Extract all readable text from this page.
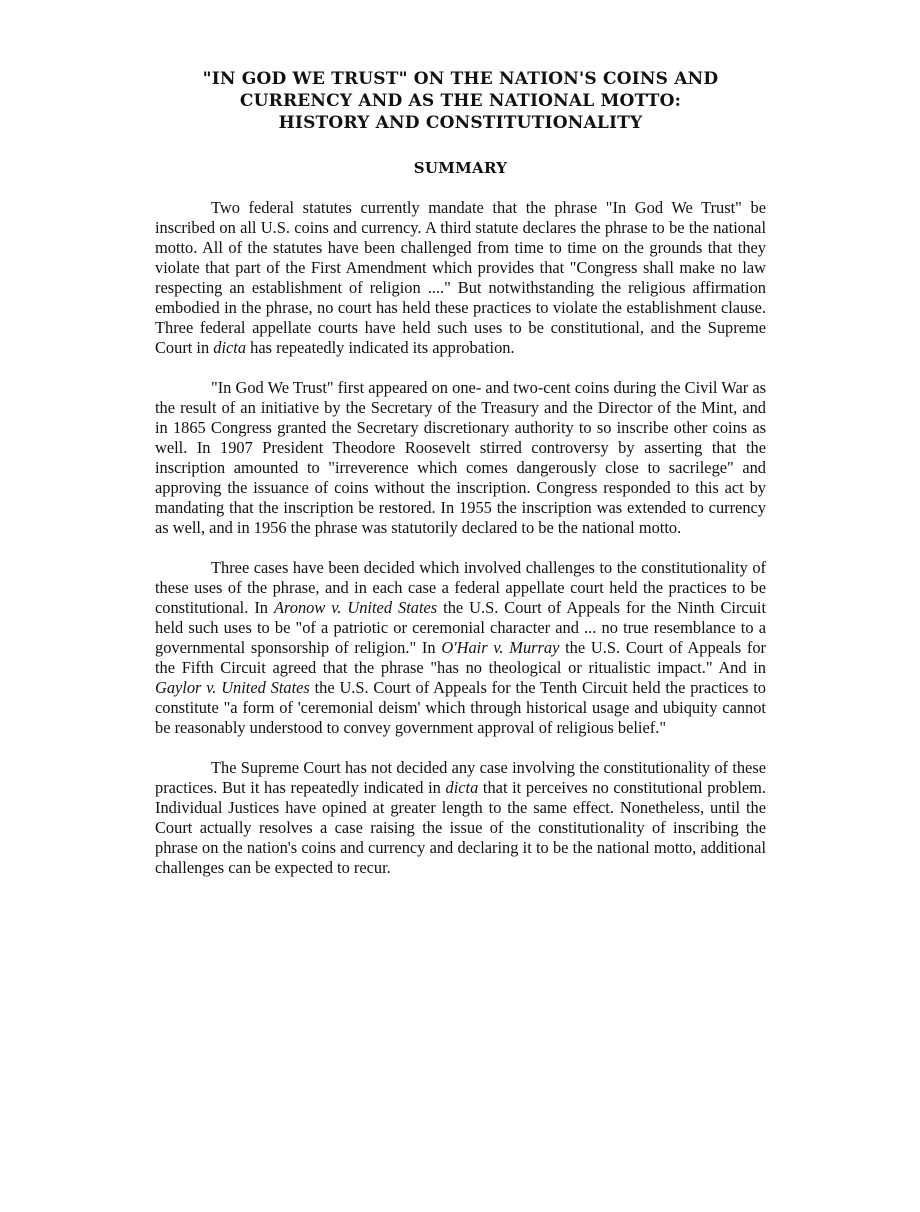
"IN GOD WE TRUST" ON THE NATION'S COINS AND
CURRENCY AND AS THE NATIONAL MOTTO:
HISTORY AND CONSTITUTIONALITY
SUMMARY

Two federal statutes currently mandate that the phrase "In God We Trust" be inscribed on all U.S. coins and currency. A third statute declares the phrase to be the national motto. All of the statutes have been challenged from time to time on the grounds that they violate that part of the First Amendment which provides that "Congress shall make no law respecting an establishment of religion ...." But notwithstanding the religious affirmation embodied in the phrase, no court has held these practices to violate the establishment clause. Three federal appellate courts have held such uses to be constitutional, and the Supreme Court in dicta has repeatedly indicated its approbation.

"In God We Trust" first appeared on one- and two-cent coins during the Civil War as the result of an initiative by the Secretary of the Treasury and the Director of the Mint, and in 1865 Congress granted the Secretary discretionary authority to so inscribe other coins as well. In 1907 President Theodore Roosevelt stirred controversy by asserting that the inscription amounted to "irreverence which comes dangerously close to sacrilege" and approving the issuance of coins without the inscription. Congress responded to this act by mandating that the inscription be restored. In 1955 the inscription was extended to currency as well, and in 1956 the phrase was statutorily declared to be the national motto.

Three cases have been decided which involved challenges to the constitutionality of these uses of the phrase, and in each case a federal appellate court held the practices to be constitutional. In Aronow v. United States the U.S. Court of Appeals for the Ninth Circuit held such uses to be "of a patriotic or ceremonial character and ... no true resemblance to a governmental sponsorship of religion." In O'Hair v. Murray the U.S. Court of Appeals for the Fifth Circuit agreed that the phrase "has no theological or ritualistic impact." And in Gaylor v. United States the U.S. Court of Appeals for the Tenth Circuit held the practices to constitute "a form of 'ceremonial deism' which through historical usage and ubiquity cannot be reasonably understood to convey government approval of religious belief."

The Supreme Court has not decided any case involving the constitutionality of these practices. But it has repeatedly indicated in dicta that it perceives no constitutional problem. Individual Justices have opined at greater length to the same effect. Nonetheless, until the Court actually resolves a case raising the issue of the constitutionality of inscribing the phrase on the nation's coins and currency and declaring it to be the national motto, additional challenges can be expected to recur.
